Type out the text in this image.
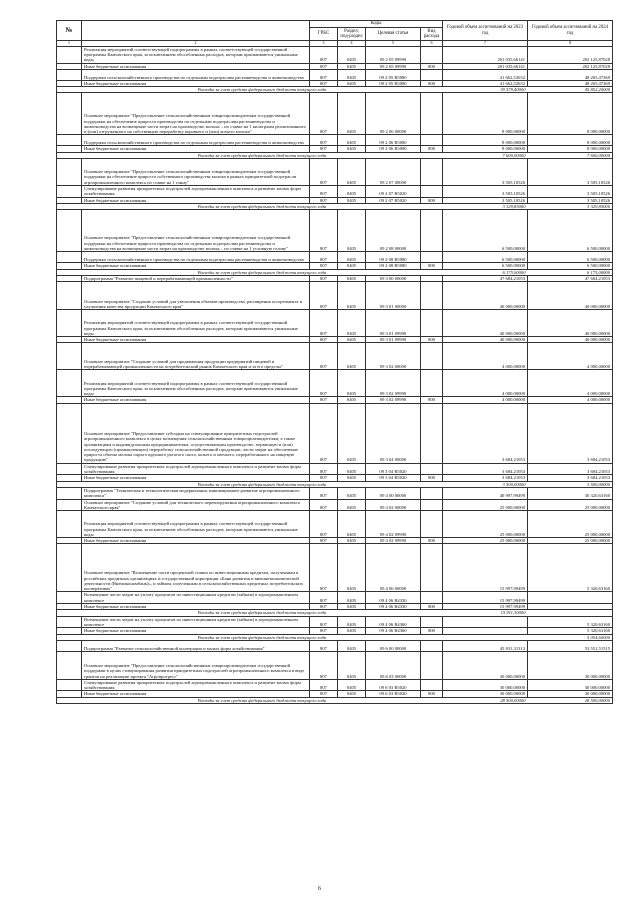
№		Коды				Годовой объем ассигнований на 2023 год	Годовой объем ассигнований на 2024 год
		ГРБС	Раздел, под-раздел	Целевая статья	Вид расхода		
1	2	3	4	5	6	7	8
	Реализация мероприятий соответствующей подпрограммы в рамках соответствующей государственной программы Камчатского края, за исключением обособленных расходов, которым присваиваются уникальные коды	807	0405	09 2 05 09990		201 035,66141	202 125,87028
	Иные бюджетные ассигнования	807	0405	09 2 05 09990	800	201 035,66141	202 125,87028
	Поддержка сельскохозяйственного производства по отдельным подотраслям растениеводства и животноводства	807	0405	09 2 05 R5080		41 662,52632	48 265,47369
	Иные бюджетные ассигнования	807	0405	09 2 05 R5080	800	41 662,52632	48 265,47369
	Расходы за счет средств федерального бюджета текущего года					39 579,40000	45 852,20000
	Основное мероприятие "Предоставление сельскохозяйственным товаропроизводителям государственной поддержки на обеспечение прироста производства по отдельным подотраслям растениеводства и животноводства на возмещение части затрат на производство молока – по ставке на 1 килограмм реализованного и (или) отгруженного на собственную переработку коровьего и (или) козьего молока"	807	0405	09 2 06 00000		8 000,00000	8 000,00000
	Поддержка сельскохозяйственного производства по отдельным подотраслям растениеводства и животноводства	807	0405	09 2 06 R5080		8 000,00000	8 000,00000
	Иные бюджетные ассигнования	807	0405	09 2 06 R5080	800	8 000,00000	8 000,00000
	Расходы за счет средств федерального бюджета текущего года					7 600,00000	7 600,00000
	Основное мероприятие "Предоставление сельскохозяйственным товаропроизводителям государственной поддержки на обеспечение прироста собственного производства молока в рамках приоритетной подотрасли агропромышленного комплекса по ставке на 1 тонну"	807	0405	09 2 07 00000		3 505,10526	3 505,10526
	Стимулирование развития приоритетных подотраслей агропромышленного комплекса и развитие малых форм хозяйствования	807	0405	09 2 07 R5020		3 505,10526	3 505,10526
	Иные бюджетные ассигнования	807	0405	09 2 07 R5020	800	3 505,10526	3 505,10526
	Расходы за счет средств федерального бюджета текущего года					3 329,85000	3 329,85000
	Основное мероприятие "Предоставление сельскохозяйственным товаропроизводителям государственной поддержки на обеспечение прироста производства по отдельным подотраслям растениеводства и животноводства на возмещение части затрат на производство молока – по ставке на 1 условную голову"	807	0405	09 2 08 00000		6 500,00000	6 500,00000
	Поддержка сельскохозяйственного производства по отдельным подотраслям растениеводства и животноводства	807	0405	09 2 08 R5080		6 500,00000	6 500,00000
	Иные бюджетные ассигнования	807	0405	09 2 08 R5080	800	6 500,00000	6 500,00000
	Расходы за счет средств федерального бюджета текущего года					6 175,00000	6 175,00000
	Подпрограмма "Развитие пищевой и перерабатывающей промышленности"	807	0405	09 3 00 00000		47 684,21053	47 684,21053
	Основное мероприятие "Создание условий для увеличения объемов производства, расширения ассортимента и улучшения качества продукции Камчатского края"	807	0405	09 3 01 00000		40 000,00000	40 000,00000
	Реализация мероприятий соответствующей подпрограммы в рамках соответствующей государственной программы Камчатского края, за исключением обособленных расходов, которым присваиваются уникальные коды	807	0405	09 3 01 09990		40 000,00000	40 000,00000
	Иные бюджетные ассигнования	807	0405	09 3 01 09990	800	40 000,00000	40 000,00000
	Основное мероприятие "Создание условий для продвижения продукции предприятий пищевой и перерабатывающей промышленности на потребительский рынок Камчатского края и за его пределы"	807	0405	09 3 02 00000		4 000,00000	4 000,00000
	Реализация мероприятий соответствующей подпрограммы в рамках соответствующей государственной программы Камчатского края, за исключением обособленных расходов, которым присваиваются уникальные коды	807	0405	09 3 02 09990		4 000,00000	4 000,00000
	Иные бюджетные ассигнования	807	0405	09 3 02 09990	800	4 000,00000	4 000,00000
	Основное мероприятие "Предоставление субсидии на стимулирование приоритетных подотраслей агропромышленного комплекса в целях возмещения сельскохозяйственным товаропроизводителям, а также организациям и индивидуальным предпринимателям, осуществляющим производство, первичную и (или) последующую (промышленную) переработку сельскохозяйственной продукции, части затрат на обеспечение прироста объема молока сырого крупного рогатого скота, козьего и овечьего, переработанного на пищевую продукцию"	807	0405	09 3 04 00000		3 684,21053	3 684,21053
	Стимулирование развития приоритетных подотраслей агропромышленного комплекса и развитие малых форм хозяйствования	807	0405	09 3 04 R5020		3 684,21053	3 684,21053
	Иные бюджетные ассигнования	807	0405	09 3 04 R5020	800	3 684,21053	3 684,21053
	Расходы за счет средств федерального бюджета текущего года					3 500,00000	3 500,00000
	Подпрограмма "Техническая и технологическая модернизация, инновационное развитие агропромышленного комплекса"	807	0405	09 4 00 00000		40 997,99499	30 320,63160
	Основное мероприятие "Создание условий для технического перевооружения агропромышленного комплекса Камчатского края"	807	0405	09 4 02 00000		25 000,00000	25 000,00000
	Реализация мероприятий соответствующей подпрограммы в рамках соответствующей государственной программы Камчатского края, за исключением обособленных расходов, которым присваиваются уникальные коды	807	0405	09 4 02 09990		25 000,00000	25 000,00000
	Иные бюджетные ассигнования	807	0405	09 4 02 09990	800	25 000,00000	25 000,00000
	Основное мероприятие "Возмещение части процентной ставки по инвестиционным кредитам, полученным в российских кредитных организациях и государственной корпорации «Банк развития и внешнеэкономической деятельности (Внешэкономбанк)», и займам, полученным в сельскохозяйственных кредитных потребительских кооперативах"	807	0405	09 4 06 00000		15 997,99499	5 320,63160
	Возмещение части затрат на уплату процентов по инвестиционным кредитам (займам) в агропромышленном комплексе	807	0405	09 4 06 R4330		15 997,99499	
	Иные бюджетные ассигнования	807	0405	09 4 06 R4330	800	15 997,99499	
	Расходы за счет средств федерального бюджета текущего года					15 911,30000	
	Возмещение части затрат на уплату процентов по инвестиционным кредитам (займам) в агропромышленном комплексе	807	0405	09 4 06 R4360			5 320,63160
	Иные бюджетные ассигнования	807	0405	09 4 06 R4360	800		5 320,63160
	Расходы за счет средств федерального бюджета текущего года						5 054,60000
	Подпрограмма "Развитие сельскохозяйственной кооперации и малых форм хозяйствования"	807	0405	09 6 00 00000		45 831,31313	53 551,51515
	Основное мероприятие "Предоставление сельскохозяйственным товаропроизводителям государственной поддержки в целях стимулирования развития приоритетных подотраслей агропромышленного комплекса в виде грантов на реализацию проекта "Агропрогресс"	807	0405	09 6 03 00000		30 000,00000	30 000,00000
	Стимулирование развития приоритетных подотраслей агропромышленного комплекса и развитие малых форм хозяйствования	807	0405	09 6 03 R5020		30 000,00000	30 000,00000
	Иные бюджетные ассигнования	807	0405	09 6 03 R5020	800	30 000,00000	30 000,00000
	Расходы за счет средств федерального бюджета текущего года					28 500,00000	28 500,00000
6
